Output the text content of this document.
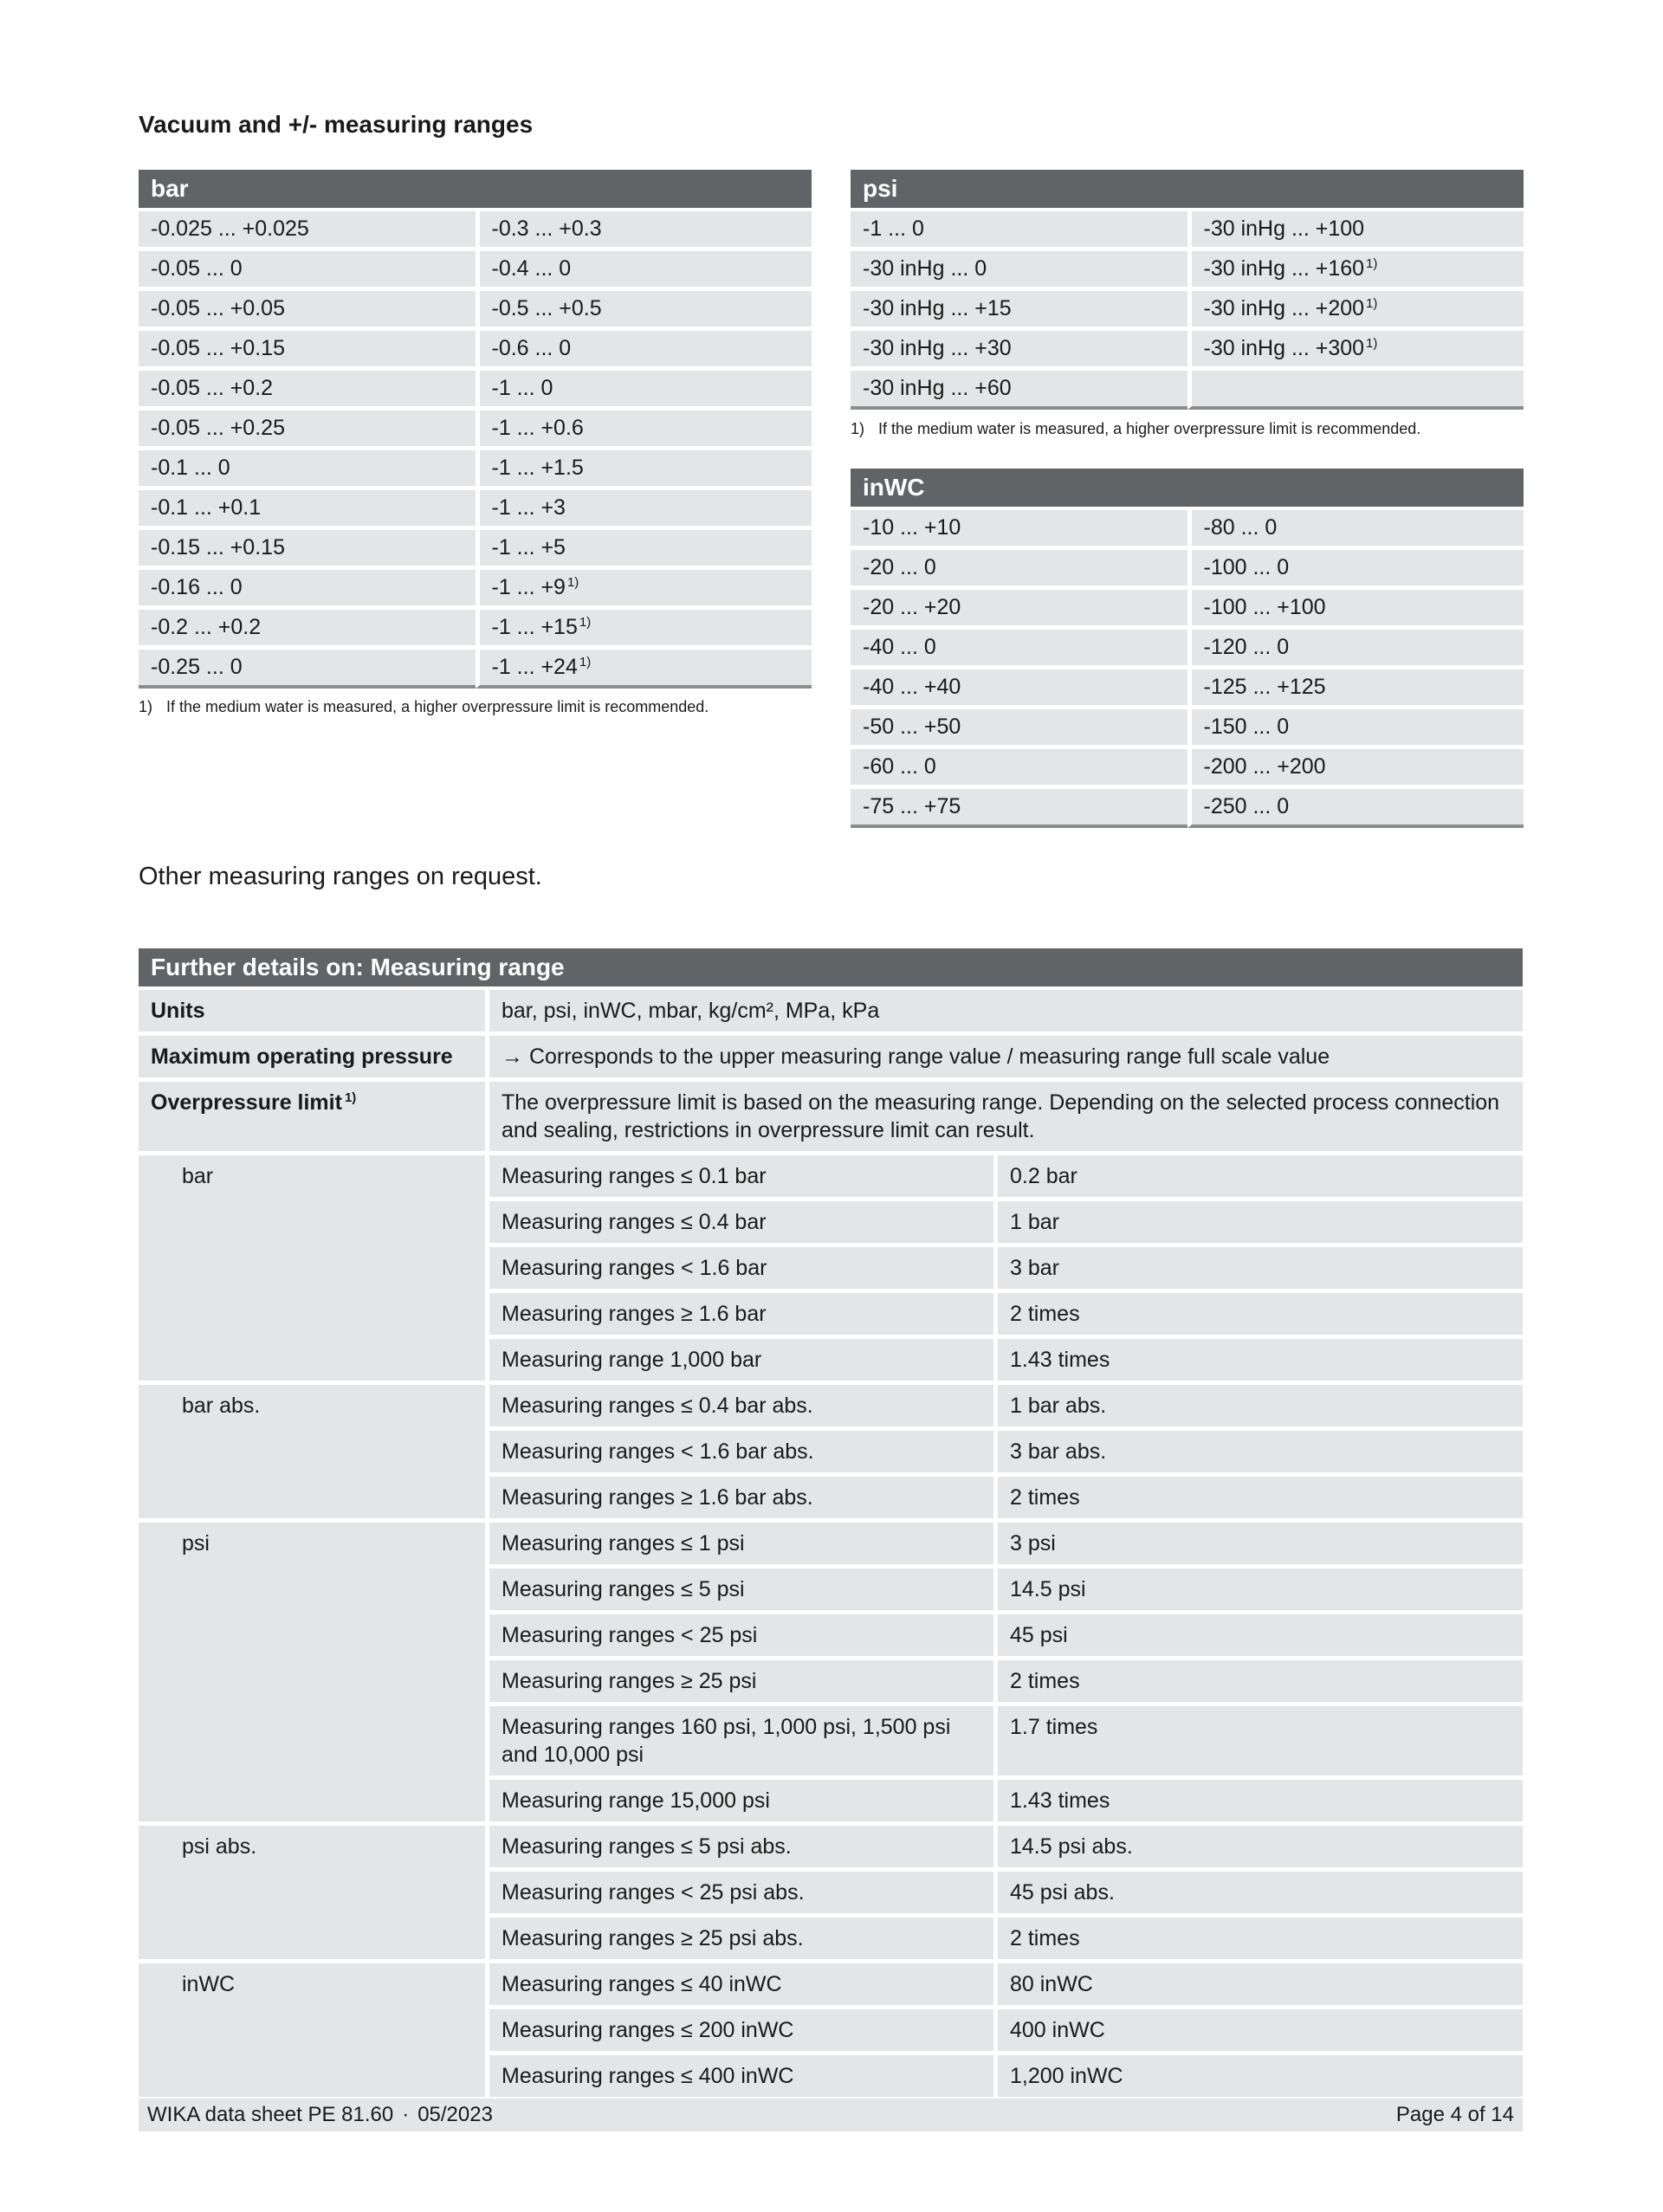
Vacuum and +/- measuring ranges
bar	
-0.025 ... +0.025	-0.3 ... +0.3
-0.05 ... 0	-0.4 ... 0
-0.05 ... +0.05	-0.5 ... +0.5
-0.05 ... +0.15	-0.6 ... 0
-0.05 ... +0.2	-1 ... 0
-0.05 ... +0.25	-1 ... +0.6
-0.1 ... 0	-1 ... +1.5
-0.1 ... +0.1	-1 ... +3
-0.15 ... +0.15	-1 ... +5
-0.16 ... 0	-1 ... +9 $^{1)}$
-0.2 ... +0.2	-1 ... +15 $^{1)}$
-0.25 ... 0	-1 ... +24 $^{1)}$

1) If the medium water is measured, a higher overpressure limit is recommended.

psi	
-1 ... 0	-30 inHg ... +100
-30 inHg ... 0	-30 inHg ... +160 $^{1)}$
-30 inHg ... +15	-30 inHg ... +200 $^{1)}$
-30 inHg ... +30	-30 inHg ... +300 $^{1)}$
-30 inHg ... +60	

1) If the medium water is measured, a higher overpressure limit is recommended.

inWC	
-10 ... +10	-80 ... 0
-20 ... 0	-100 ... 0
-20 ... +20	-100 ... +100
-40 ... 0	-120 ... 0
-40 ... +40	-125 ... +125
-50 ... +50	-150 ... 0
-60 ... 0	-200 ... +200
-75 ... +75	-250 ... 0

Other measuring ranges on request.

Further details on: Measuring range		
Units	bar, psi, inWC, mbar, kg/cm², MPa, kPa	
Maximum operating pressure	→ Corresponds to the upper measuring range value / measuring range full scale value	
Overpressure limit $^{1)}$	The overpressure limit is based on the measuring range. Depending on the selected process connection and sealing, restrictions in overpressure limit can result.	
bar	Measuring ranges ≤ 0.1 bar	0.2 bar
	Measuring ranges ≤ 0.4 bar	1 bar
	Measuring ranges < 1.6 bar	3 bar
	Measuring ranges ≥ 1.6 bar	2 times
	Measuring range 1,000 bar	1.43 times
bar abs.	Measuring ranges ≤ 0.4 bar abs.	1 bar abs.
	Measuring ranges < 1.6 bar abs.	3 bar abs.
	Measuring ranges ≥ 1.6 bar abs.	2 times
psi	Measuring ranges ≤ 1 psi	3 psi
	Measuring ranges ≤ 5 psi	14.5 psi
	Measuring ranges < 25 psi	45 psi
	Measuring ranges ≥ 25 psi	2 times
	Measuring ranges 160 psi, 1,000 psi, 1,500 psi and 10,000 psi	1.7 times
	Measuring range 15,000 psi	1.43 times
psi abs.	Measuring ranges ≤ 5 psi abs.	14.5 psi abs.
	Measuring ranges < 25 psi abs.	45 psi abs.
	Measuring ranges ≥ 25 psi abs.	2 times
inWC	Measuring ranges ≤ 40 inWC	80 inWC
	Measuring ranges ≤ 200 inWC	400 inWC
	Measuring ranges ≤ 400 inWC	1,200 inWC
WIKA data sheet PE 81.60 · 05/2023	Page 4 of 14
